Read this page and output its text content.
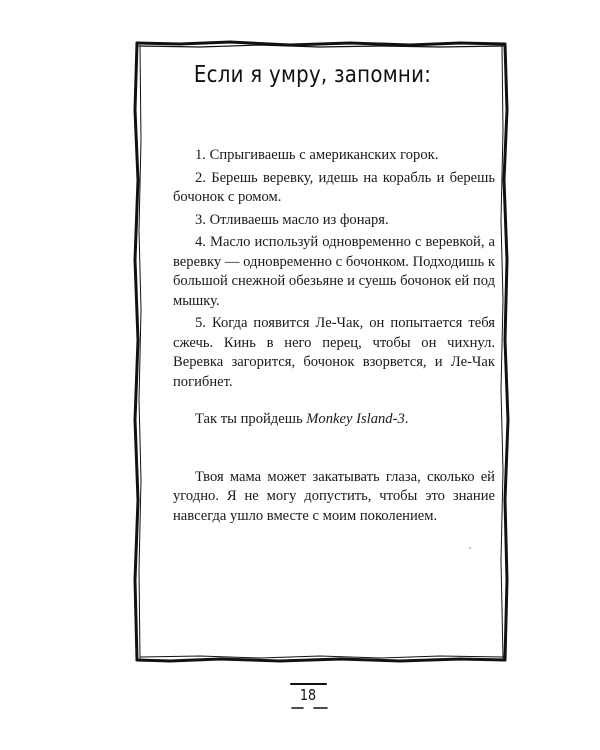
Если я умру, запомни:

1. Спрыгиваешь с американских горок.

2. Берешь веревку, идешь на корабль и берешь бочонок с ромом.

3. Отливаешь масло из фонаря.

4. Масло используй одновременно с веревкой, а веревку — одновременно с бочонком. Подходишь к большой снежной обезьяне и суешь бочонок ей под мышку.

5. Когда появится Ле-Чак, он попытается тебя сжечь. Кинь в него перец, чтобы он чихнул. Веревка загорится, бочонок взорвется, и Ле-Чак погибнет.

Так ты пройдешь Monkey Island-3.

Твоя мама может закатывать глаза, сколько ей угодно. Я не могу допустить, чтобы это знание навсегда ушло вместе с моим поколением.

18
